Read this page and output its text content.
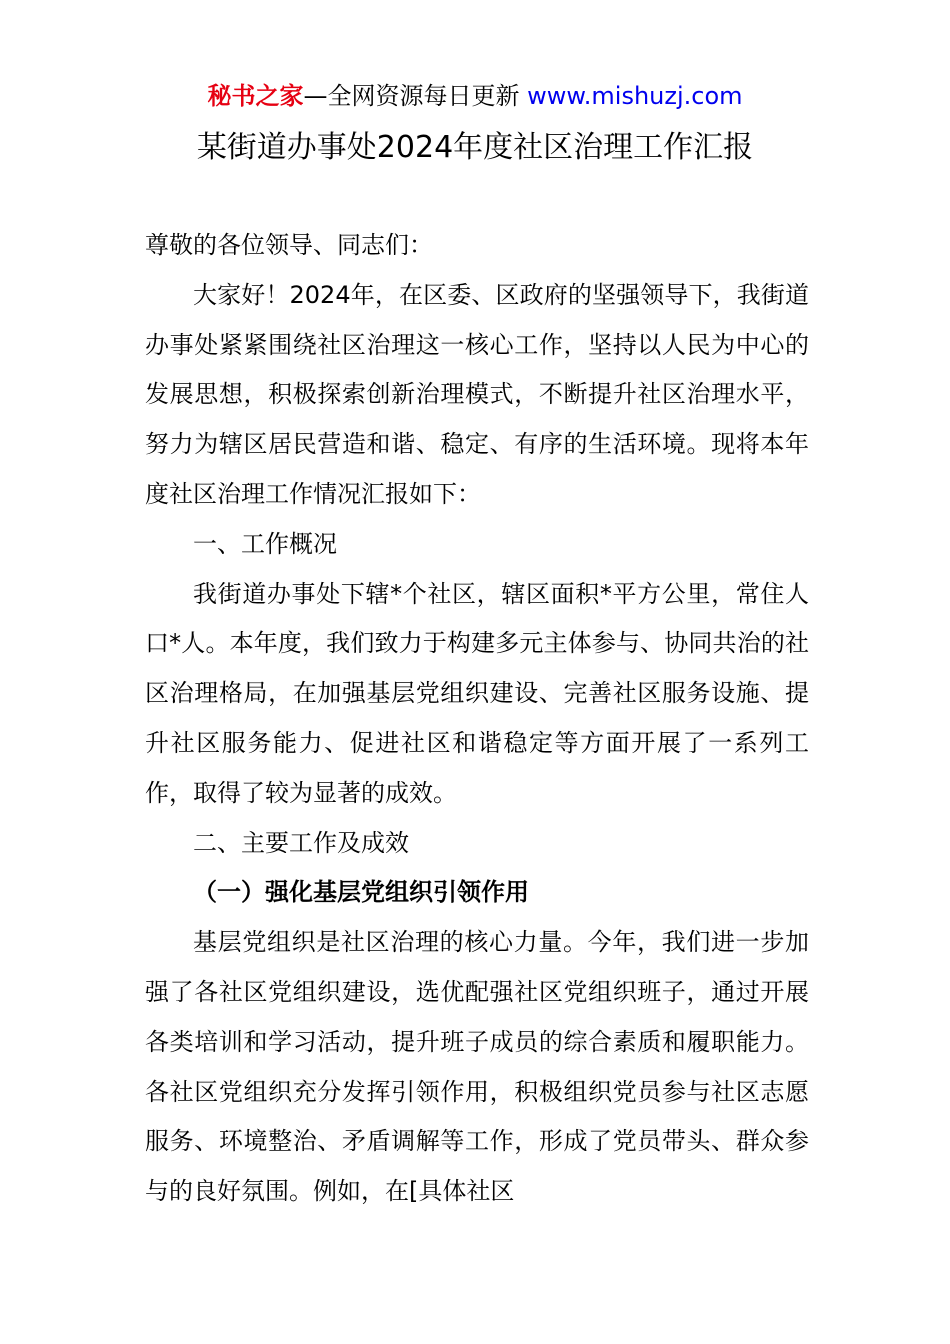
秘书之家—全网资源每日更新 www.mishuzj.com
某街道办事处2024年度社区治理工作汇报

尊敬的各位领导、同志们：

大家好！2024年，在区委、区政府的坚强领导下，我街道办事处紧紧围绕社区治理这一核心工作，坚持以人民为中心的发展思想，积极探索创新治理模式，不断提升社区治理水平，努力为辖区居民营造和谐、稳定、有序的生活环境。现将本年度社区治理工作情况汇报如下：

一、工作概况

我街道办事处下辖*个社区，辖区面积*平方公里，常住人口*人。本年度，我们致力于构建多元主体参与、协同共治的社区治理格局，在加强基层党组织建设、完善社区服务设施、提升社区服务能力、促进社区和谐稳定等方面开展了一系列工作，取得了较为显著的成效。

二、主要工作及成效

（一）强化基层党组织引领作用

基层党组织是社区治理的核心力量。今年，我们进一步加强了各社区党组织建设，选优配强社区党组织班子，通过开展各类培训和学习活动，提升班子成员的综合素质和履职能力。各社区党组织充分发挥引领作用，积极组织党员参与社区志愿服务、环境整治、矛盾调解等工作，形成了党员带头、群众参与的良好氛围。例如，在[具体社区
